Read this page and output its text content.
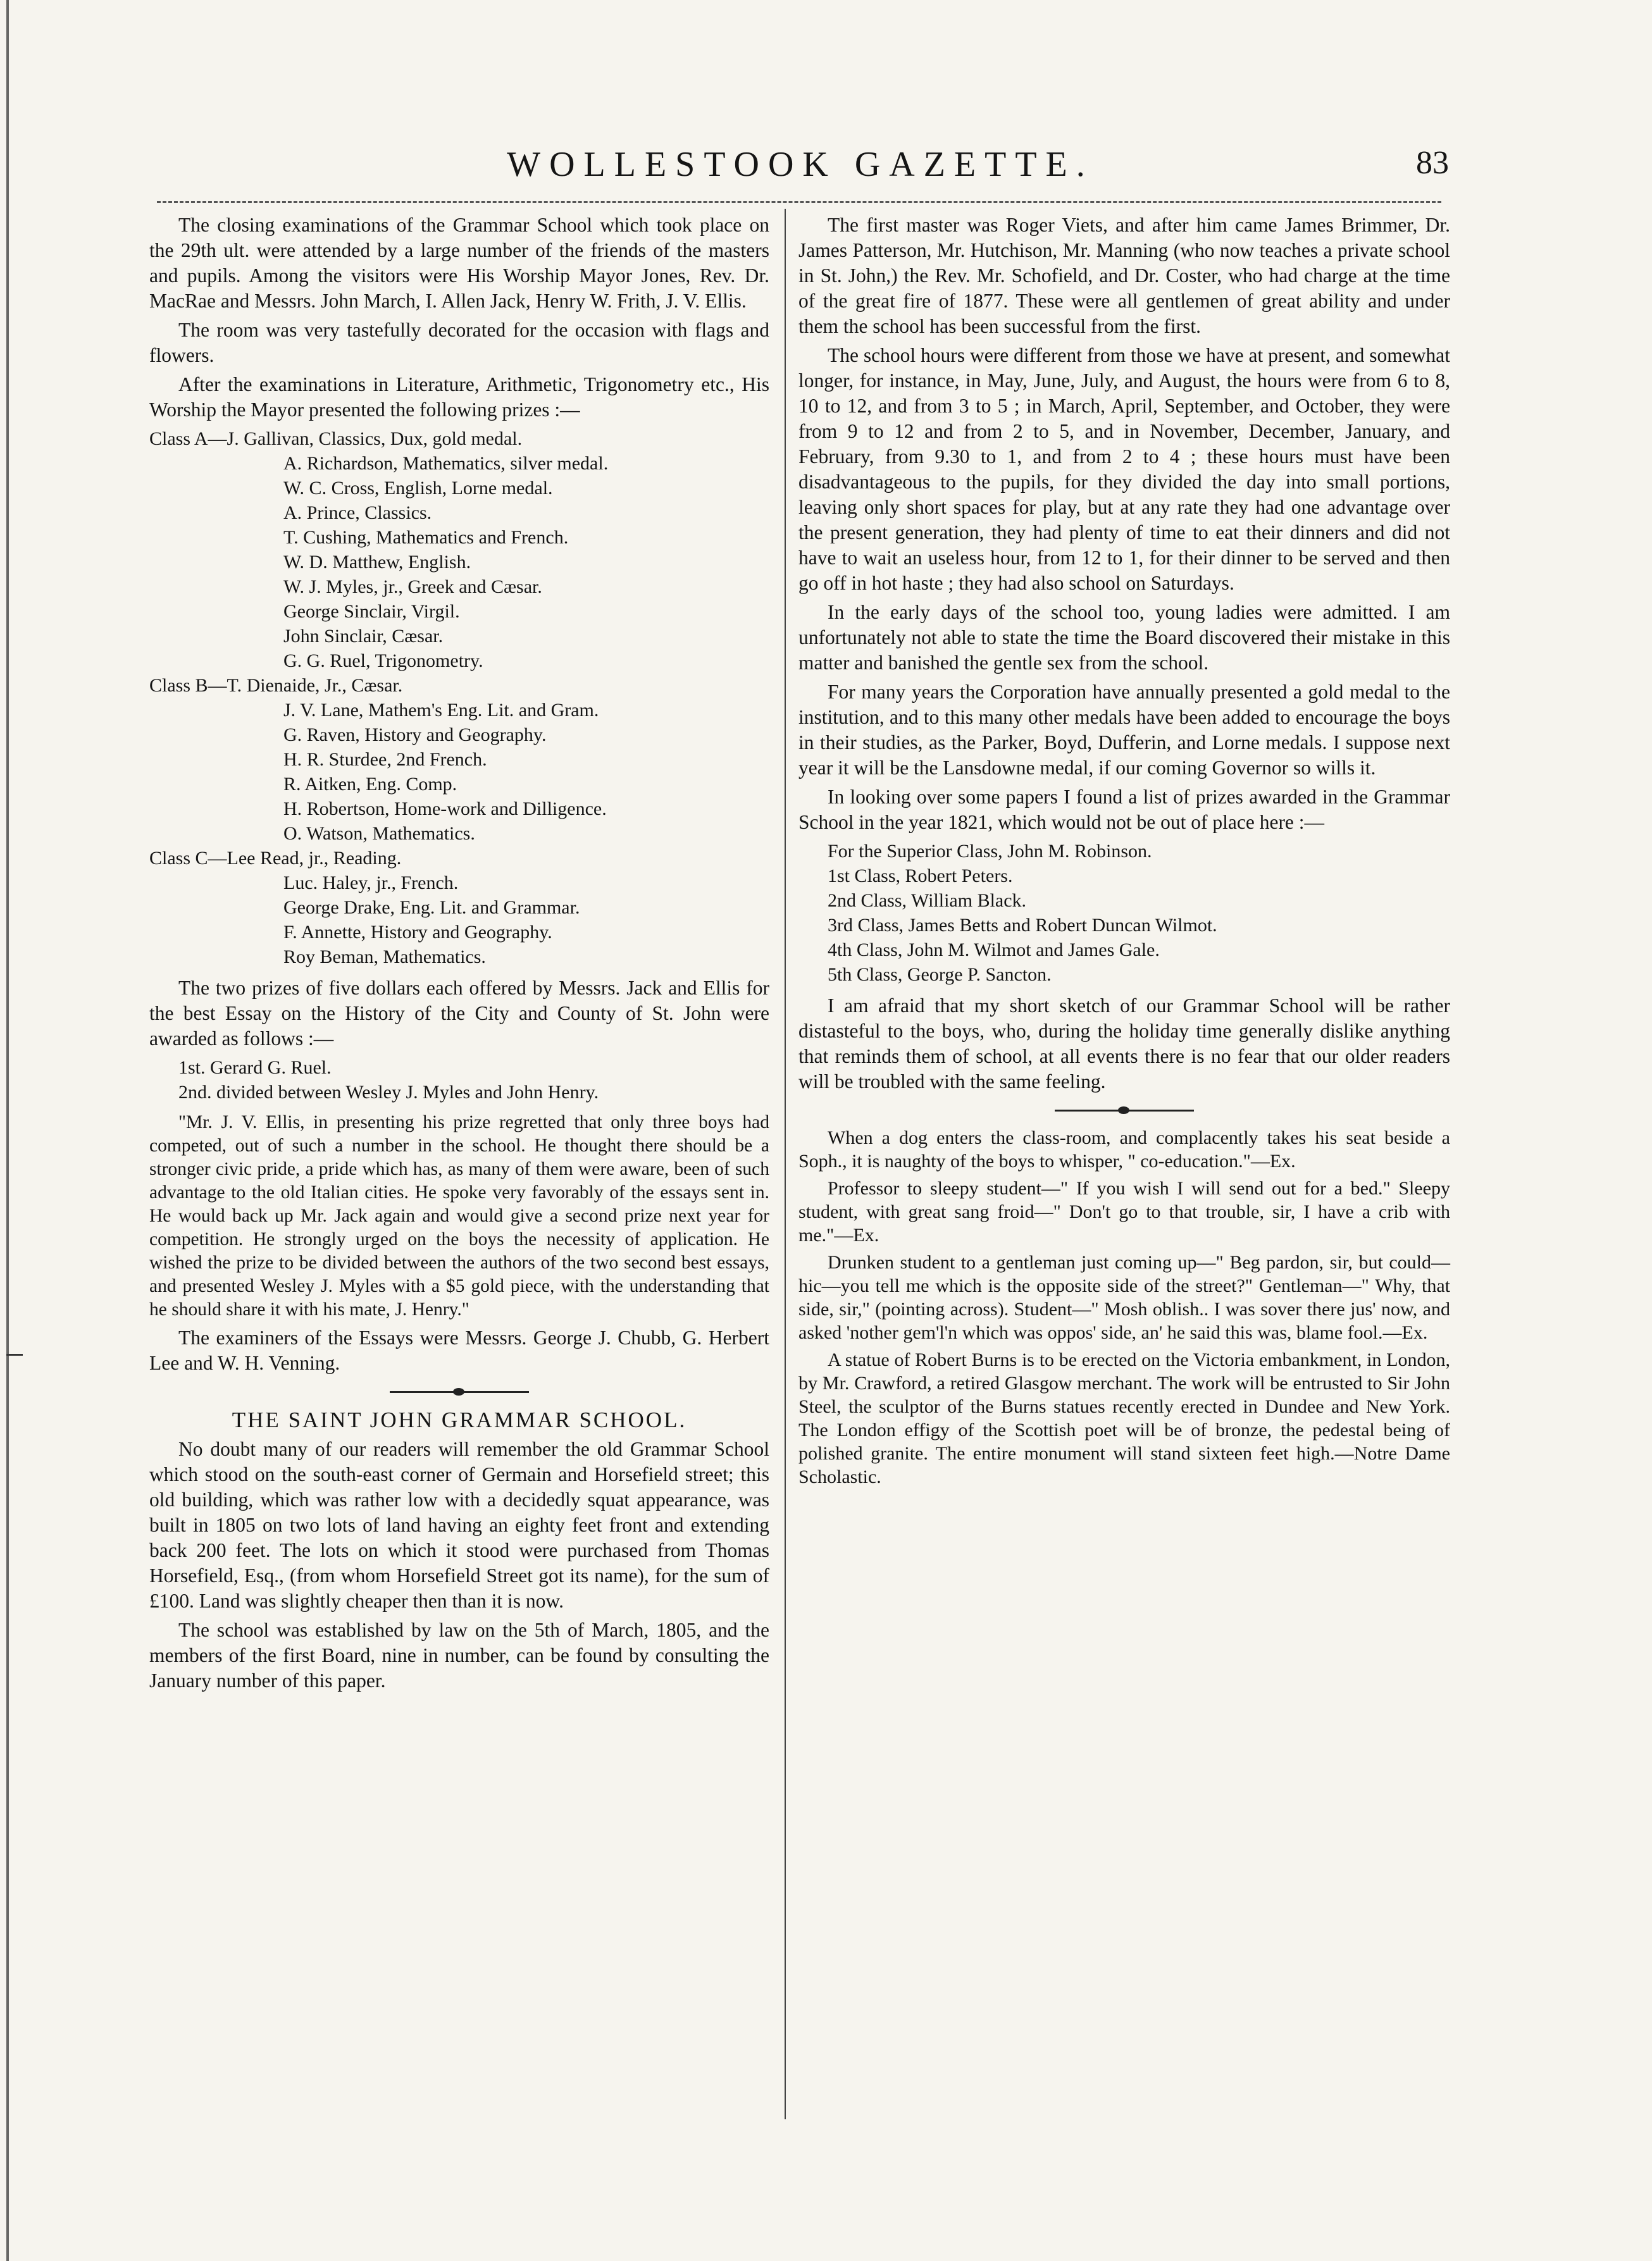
WOLLESTOOK GAZETTE.	83

The closing examinations of the Grammar School which took place on the 29th ult. were attended by a large number of the friends of the masters and pupils. Among the visitors were His Worship Mayor Jones, Rev. Dr. MacRae and Messrs. John March, I. Allen Jack, Henry W. Frith, J. V. Ellis.

The room was very tastefully decorated for the occasion with flags and flowers.

After the examinations in Literature, Arithmetic, Trigonometry etc., His Worship the Mayor presented the following prizes :—

Class A—J. Gallivan, Classics, Dux, gold medal.
A. Richardson, Mathematics, silver medal.
W. C. Cross, English, Lorne medal.
A. Prince, Classics.
T. Cushing, Mathematics and French.
W. D. Matthew, English.
W. J. Myles, jr., Greek and Cæsar.
George Sinclair, Virgil.
John Sinclair, Cæsar.
G. G. Ruel, Trigonometry.
Class B—T. Dienaide, Jr., Cæsar.
J. V. Lane, Mathem's Eng. Lit. and Gram.
G. Raven, History and Geography.
H. R. Sturdee, 2nd French.
R. Aitken, Eng. Comp.
H. Robertson, Home-work and Dilligence.
O. Watson, Mathematics.
Class C—Lee Read, jr., Reading.
Luc. Haley, jr., French.
George Drake, Eng. Lit. and Grammar.
F. Annette, History and Geography.
Roy Beman, Mathematics.

The two prizes of five dollars each offered by Messrs. Jack and Ellis for the best Essay on the History of the City and County of St. John were awarded as follows :—

1st. Gerard G. Ruel.
2nd. divided between Wesley J. Myles and John Henry.

"Mr. J. V. Ellis, in presenting his prize regretted that only three boys had competed, out of such a number in the school. He thought there should be a stronger civic pride, a pride which has, as many of them were aware, been of such advantage to the old Italian cities. He spoke very favorably of the essays sent in. He would back up Mr. Jack again and would give a second prize next year for competition. He strongly urged on the boys the necessity of application. He wished the prize to be divided between the authors of the two second best essays, and presented Wesley J. Myles with a $5 gold piece, with the understanding that he should share it with his mate, J. Henry."

The examiners of the Essays were Messrs. George J. Chubb, G. Herbert Lee and W. H. Venning.

THE SAINT JOHN GRAMMAR SCHOOL.

No doubt many of our readers will remember the old Grammar School which stood on the south-east corner of Germain and Horsefield street; this old building, which was rather low with a decidedly squat appearance, was built in 1805 on two lots of land having an eighty feet front and extending back 200 feet. The lots on which it stood were purchased from Thomas Horsefield, Esq., (from whom Horsefield Street got its name), for the sum of £100. Land was slightly cheaper then than it is now.

The school was established by law on the 5th of March, 1805, and the members of the first Board, nine in number, can be found by consulting the January number of this paper.

The first master was Roger Viets, and after him came James Brimmer, Dr. James Patterson, Mr. Hutchison, Mr. Manning (who now teaches a private school in St. John,) the Rev. Mr. Schofield, and Dr. Coster, who had charge at the time of the great fire of 1877. These were all gentlemen of great ability and under them the school has been successful from the first.

The school hours were different from those we have at present, and somewhat longer, for instance, in May, June, July, and August, the hours were from 6 to 8, 10 to 12, and from 3 to 5 ; in March, April, September, and October, they were from 9 to 12 and from 2 to 5, and in November, December, January, and February, from 9.30 to 1, and from 2 to 4 ; these hours must have been disadvantageous to the pupils, for they divided the day into small portions, leaving only short spaces for play, but at any rate they had one advantage over the present generation, they had plenty of time to eat their dinners and did not have to wait an useless hour, from 12 to 1, for their dinner to be served and then go off in hot haste ; they had also school on Saturdays.

In the early days of the school too, young ladies were admitted. I am unfortunately not able to state the time the Board discovered their mistake in this matter and banished the gentle sex from the school.

For many years the Corporation have annually presented a gold medal to the institution, and to this many other medals have been added to encourage the boys in their studies, as the Parker, Boyd, Dufferin, and Lorne medals. I suppose next year it will be the Lansdowne medal, if our coming Governor so wills it.

In looking over some papers I found a list of prizes awarded in the Grammar School in the year 1821, which would not be out of place here :—

For the Superior Class, John M. Robinson.
1st Class, Robert Peters.
2nd Class, William Black.
3rd Class, James Betts and Robert Duncan Wilmot.
4th Class, John M. Wilmot and James Gale.
5th Class, George P. Sancton.

I am afraid that my short sketch of our Grammar School will be rather distasteful to the boys, who, during the holiday time generally dislike anything that reminds them of school, at all events there is no fear that our older readers will be troubled with the same feeling.

When a dog enters the class-room, and complacently takes his seat beside a Soph., it is naughty of the boys to whisper, " co-education."—Ex.

Professor to sleepy student—" If you wish I will send out for a bed." Sleepy student, with great sang froid—" Don't go to that trouble, sir, I have a crib with me."—Ex.

Drunken student to a gentleman just coming up—" Beg pardon, sir, but could—hic—you tell me which is the opposite side of the street?" Gentleman—" Why, that side, sir," (pointing across). Student—" Mosh oblish.. I was sover there jus' now, and asked 'nother gem'l'n which was oppos' side, an' he said this was, blame fool.—Ex.

A statue of Robert Burns is to be erected on the Victoria embankment, in London, by Mr. Crawford, a retired Glasgow merchant. The work will be entrusted to Sir John Steel, the sculptor of the Burns statues recently erected in Dundee and New York. The London effigy of the Scottish poet will be of bronze, the pedestal being of polished granite. The entire monument will stand sixteen feet high.—Notre Dame Scholastic.
